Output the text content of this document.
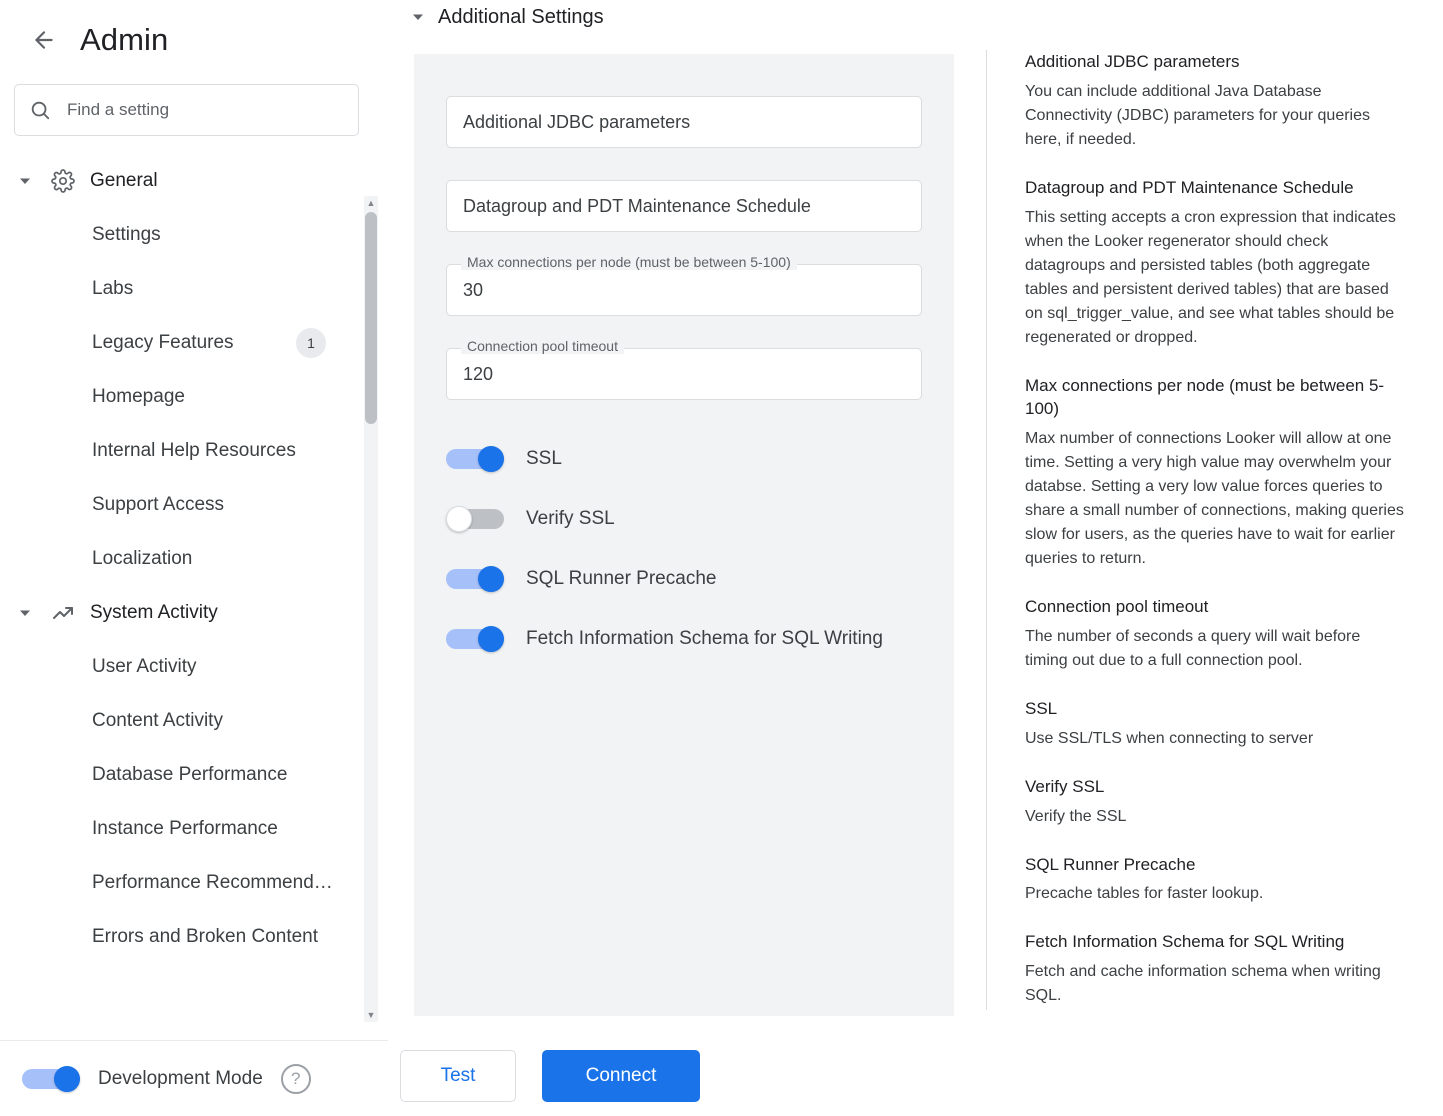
Admin
Find a setting
General
Settings
Labs
Legacy Features	1
Homepage
Internal Help Resources
Support Access
Localization
System Activity
User Activity
Content Activity
Database Performance
Instance Performance
Performance Recommend…
Errors and Broken Content
▲
▼
Development Mode	?
Additional Settings
Additional JDBC parameters
Datagroup and PDT Maintenance Schedule
Max connections per node (must be between 5-100)
30
Connection pool timeout
120
SSL
Verify SSL
SQL Runner Precache
Fetch Information Schema for SQL Writing
Test	Connect
Additional JDBC parameters
You can include additional Java Database Connectivity (JDBC) parameters for your queries here, if needed.
Datagroup and PDT Maintenance Schedule
This setting accepts a cron expression that indicates when the Looker regenerator should check datagroups and persisted tables (both aggregate tables and persistent derived tables) that are based on sql_trigger_value, and see what tables should be regenerated or dropped.
Max connections per node (must be between 5-100)
Max number of connections Looker will allow at one time. Setting a very high value may overwhelm your databse. Setting a very low value forces queries to share a small number of connections, making queries slow for users, as the queries have to wait for earlier queries to return.
Connection pool timeout
The number of seconds a query will wait before timing out due to a full connection pool.
SSL
Use SSL/TLS when connecting to server
Verify SSL
Verify the SSL
SQL Runner Precache
Precache tables for faster lookup.
Fetch Information Schema for SQL Writing
Fetch and cache information schema when writing SQL.
